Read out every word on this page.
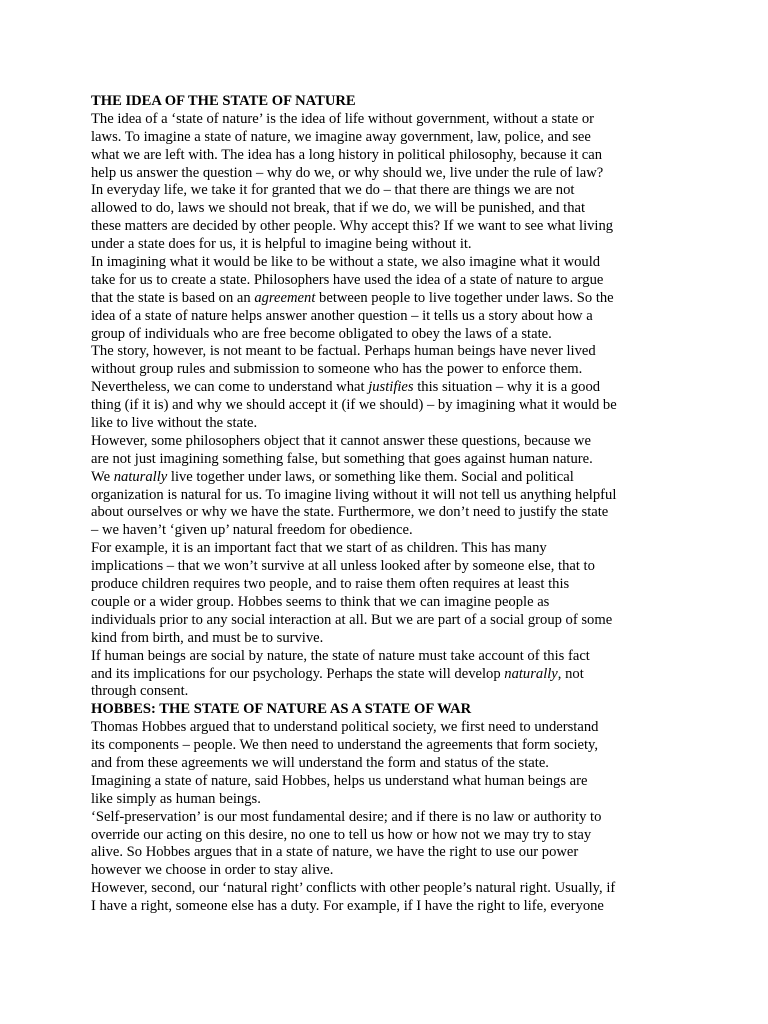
THE IDEA OF THE STATE OF NATURE
The idea of a ‘state of nature’ is the idea of life without government, without a state or
laws. To imagine a state of nature, we imagine away government, law, police, and see
what we are left with. The idea has a long history in political philosophy, because it can
help us answer the question – why do we, or why should we, live under the rule of law?
In everyday life, we take it for granted that we do – that there are things we are not
allowed to do, laws we should not break, that if we do, we will be punished, and that
these matters are decided by other people. Why accept this? If we want to see what living
under a state does for us, it is helpful to imagine being without it.
In imagining what it would be like to be without a state, we also imagine what it would
take for us to create a state. Philosophers have used the idea of a state of nature to argue
that the state is based on an agreement between people to live together under laws. So the
idea of a state of nature helps answer another question – it tells us a story about how a
group of individuals who are free become obligated to obey the laws of a state.
The story, however, is not meant to be factual. Perhaps human beings have never lived
without group rules and submission to someone who has the power to enforce them.
Nevertheless, we can come to understand what justifies this situation – why it is a good
thing (if it is) and why we should accept it (if we should) – by imagining what it would be
like to live without the state.
However, some philosophers object that it cannot answer these questions, because we
are not just imagining something false, but something that goes against human nature.
We naturally live together under laws, or something like them. Social and political
organization is natural for us. To imagine living without it will not tell us anything helpful
about ourselves or why we have the state. Furthermore, we don’t need to justify the state
– we haven’t ‘given up’ natural freedom for obedience.
For example, it is an important fact that we start of as children. This has many
implications – that we won’t survive at all unless looked after by someone else, that to
produce children requires two people, and to raise them often requires at least this
couple or a wider group. Hobbes seems to think that we can imagine people as
individuals prior to any social interaction at all. But we are part of a social group of some
kind from birth, and must be to survive.
If human beings are social by nature, the state of nature must take account of this fact
and its implications for our psychology. Perhaps the state will develop naturally, not
through consent.
HOBBES: THE STATE OF NATURE AS A STATE OF WAR
Thomas Hobbes argued that to understand political society, we first need to understand
its components – people. We then need to understand the agreements that form society,
and from these agreements we will understand the form and status of the state.
Imagining a state of nature, said Hobbes, helps us understand what human beings are
like simply as human beings.
‘Self-preservation’ is our most fundamental desire; and if there is no law or authority to
override our acting on this desire, no one to tell us how or how not we may try to stay
alive. So Hobbes argues that in a state of nature, we have the right to use our power
however we choose in order to stay alive.
However, second, our ‘natural right’ conflicts with other people’s natural right. Usually, if
I have a right, someone else has a duty. For example, if I have the right to life, everyone
